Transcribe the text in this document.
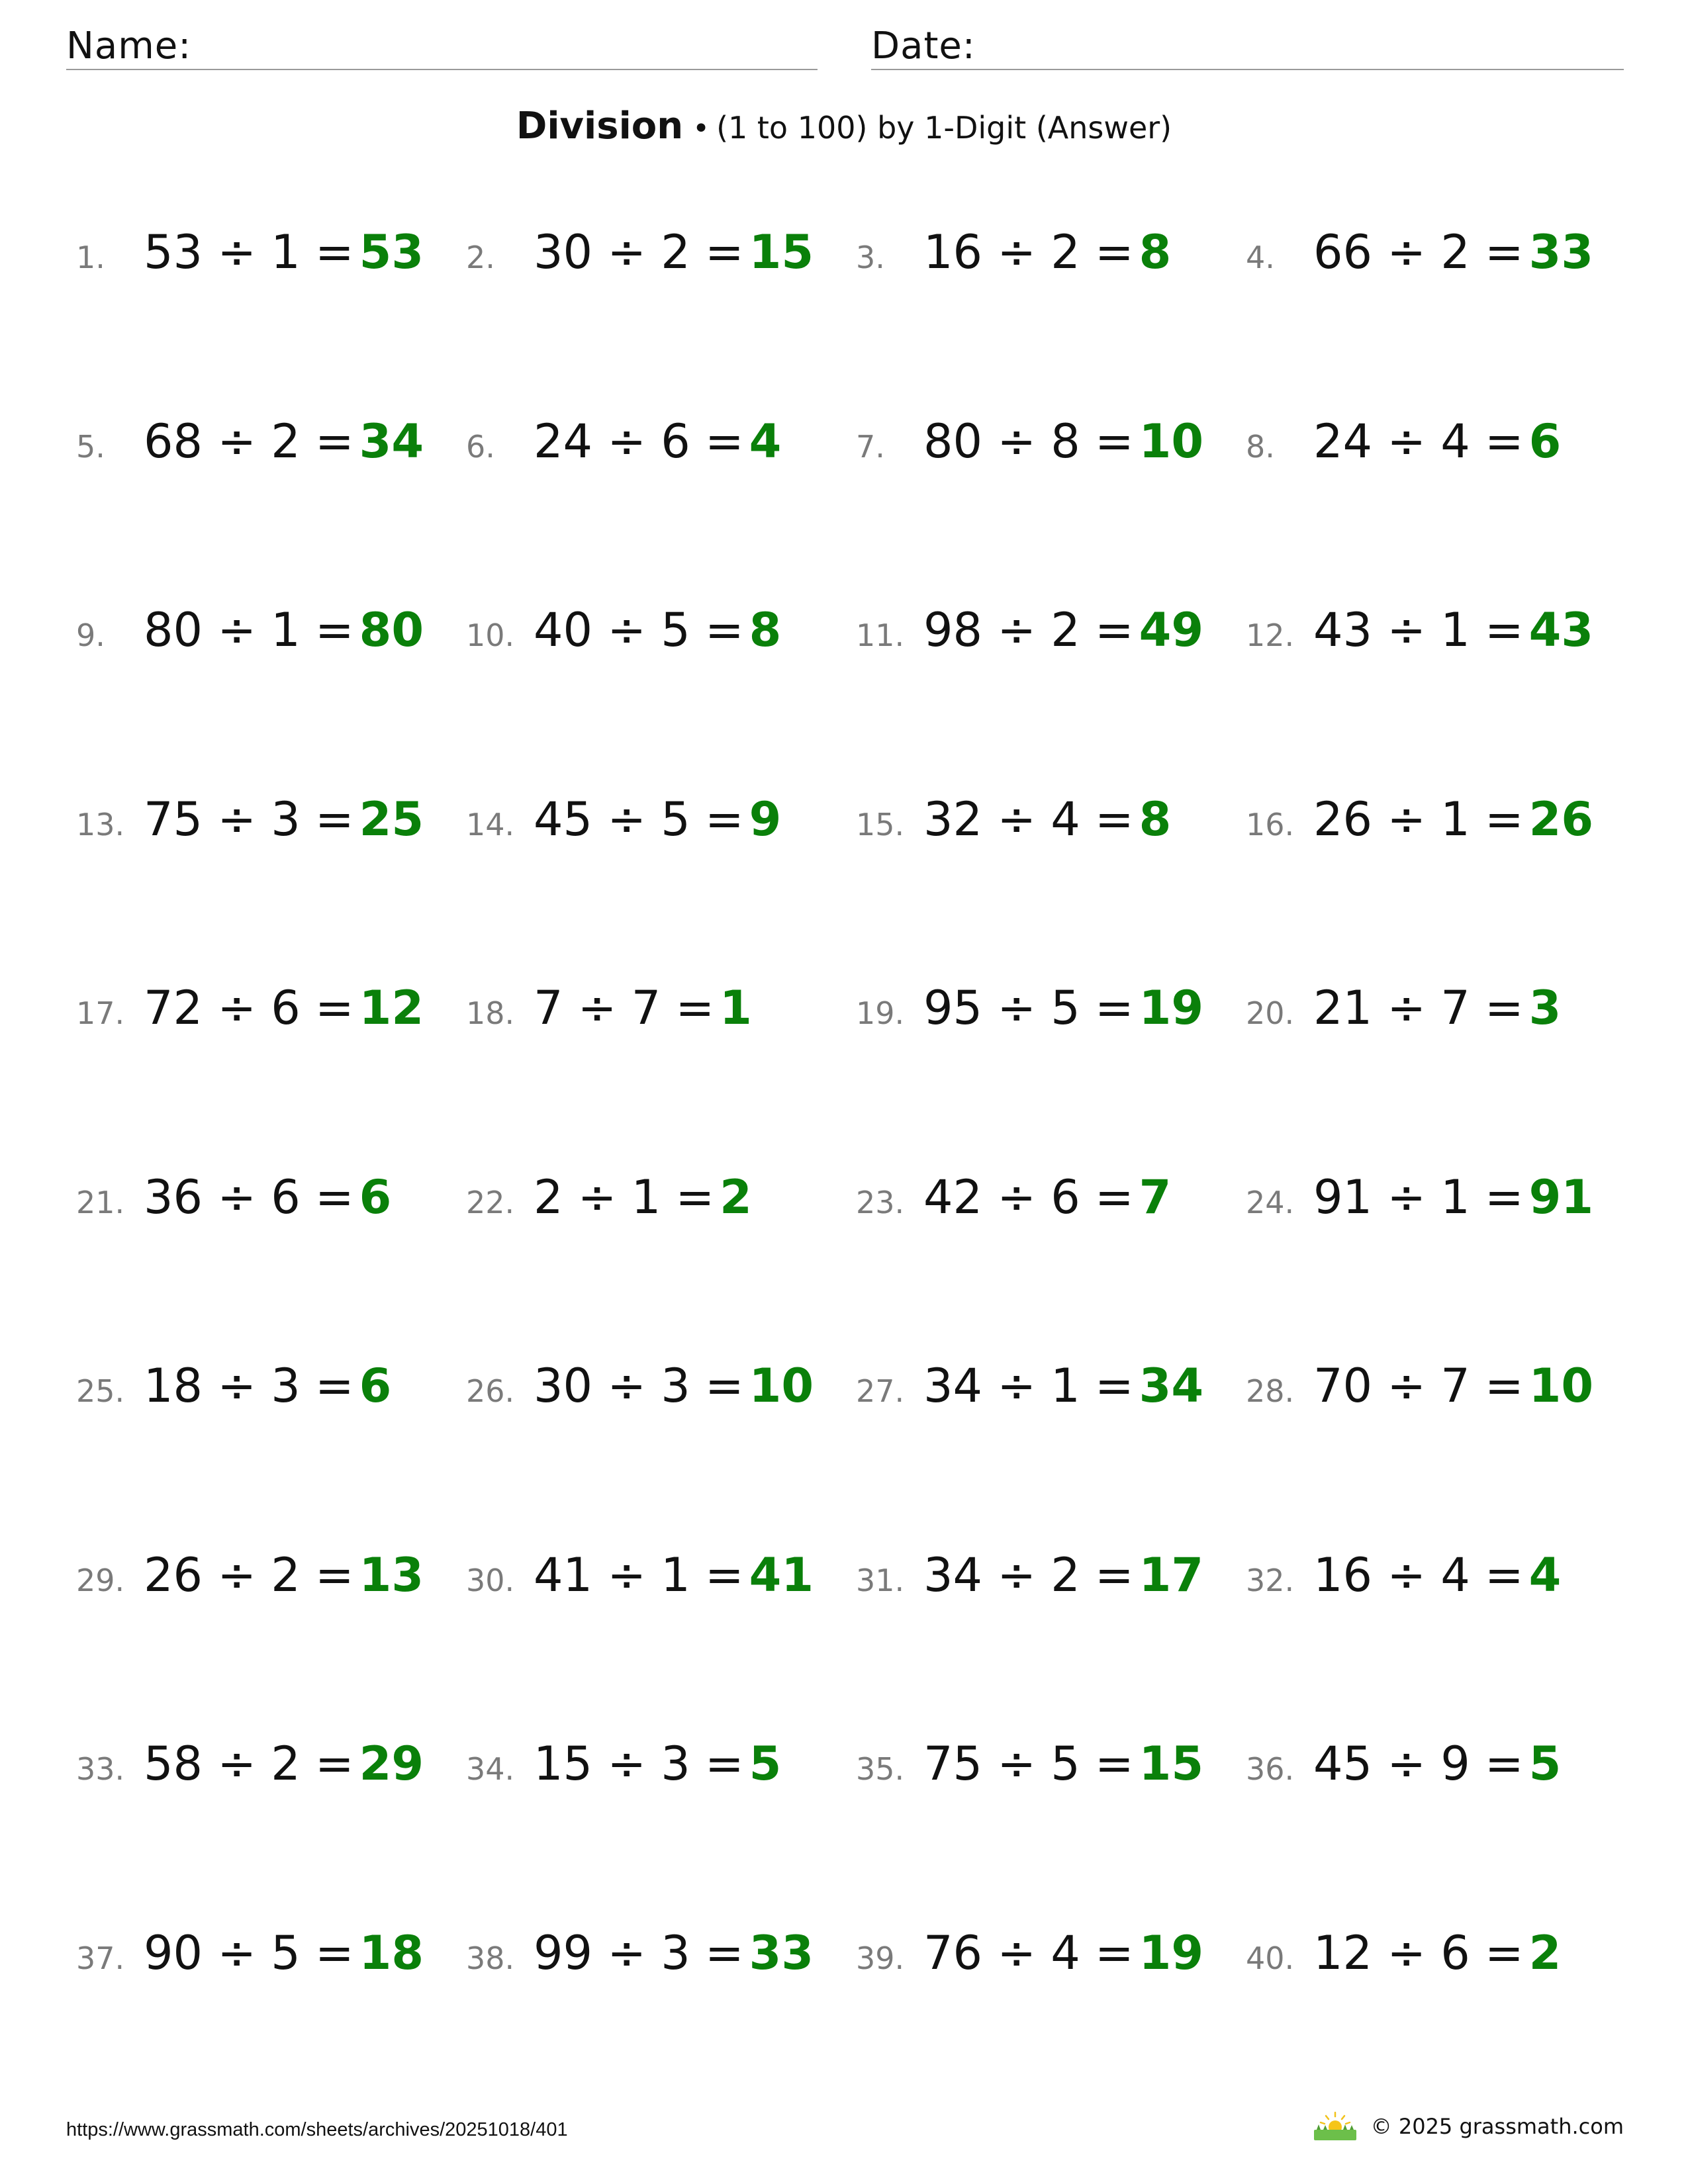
Name:	Date:
Division • (1 to 100) by 1-Digit (Answer)
1. 53 ÷ 1 = 53 2. 30 ÷ 2 = 15 3. 16 ÷ 2 = 8 4. 66 ÷ 2 = 33
5. 68 ÷ 2 = 34 6. 24 ÷ 6 = 4 7. 80 ÷ 8 = 10 8. 24 ÷ 4 = 6
9. 80 ÷ 1 = 80 10. 40 ÷ 5 = 8 11. 98 ÷ 2 = 49 12. 43 ÷ 1 = 43
13. 75 ÷ 3 = 25 14. 45 ÷ 5 = 9 15. 32 ÷ 4 = 8 16. 26 ÷ 1 = 26
17. 72 ÷ 6 = 12 18. 7 ÷ 7 = 1	19. 95 ÷ 5 = 19 20. 21 ÷ 7 = 3
21. 36 ÷ 6 = 6 22. 2 ÷ 1 = 2	23. 42 ÷ 6 = 7 24. 91 ÷ 1 = 91
25. 18 ÷ 3 = 6 26. 30 ÷ 3 = 10 27. 34 ÷ 1 = 34 28. 70 ÷ 7 = 10
29. 26 ÷ 2 = 13 30. 41 ÷ 1 = 41 31. 34 ÷ 2 = 17 32. 16 ÷ 4 = 4
33. 58 ÷ 2 = 29 34. 15 ÷ 3 = 5 35. 75 ÷ 5 = 15 36. 45 ÷ 9 = 5
37. 90 ÷ 5 = 18 38. 99 ÷ 3 = 33 39. 76 ÷ 4 = 19 40. 12 ÷ 6 = 2
https://www.grassmath.com/sheets/archives/20251018/401	© 2025 grassmath.com
